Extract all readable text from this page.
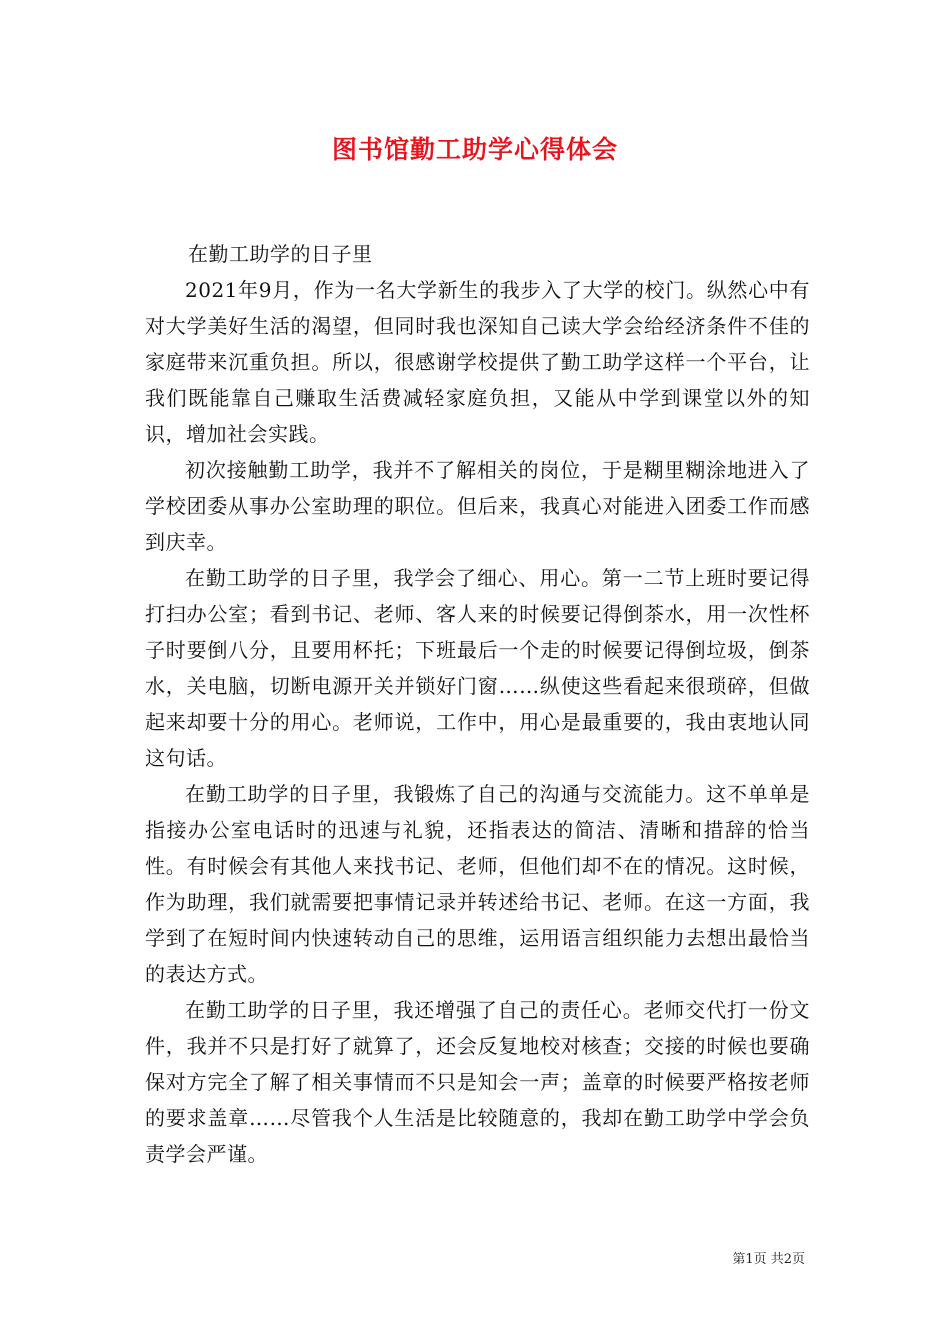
图书馆勤工助学心得体会

在勤工助学的日子里

2021年9月，作为一名大学新生的我步入了大学的校门。纵然心中有对大学美好生活的渴望，但同时我也深知自己读大学会给经济条件不佳的家庭带来沉重负担。所以，很感谢学校提供了勤工助学这样一个平台，让我们既能靠自己赚取生活费减轻家庭负担，又能从中学到课堂以外的知识，增加社会实践。

初次接触勤工助学，我并不了解相关的岗位，于是糊里糊涂地进入了学校团委从事办公室助理的职位。但后来，我真心对能进入团委工作而感到庆幸。

在勤工助学的日子里，我学会了细心、用心。第一二节上班时要记得打扫办公室；看到书记、老师、客人来的时候要记得倒茶水，用一次性杯子时要倒八分，且要用杯托；下班最后一个走的时候要记得倒垃圾，倒茶水，关电脑，切断电源开关并锁好门窗……纵使这些看起来很琐碎，但做起来却要十分的用心。老师说，工作中，用心是最重要的，我由衷地认同这句话。

在勤工助学的日子里，我锻炼了自己的沟通与交流能力。这不单单是指接办公室电话时的迅速与礼貌，还指表达的简洁、清晰和措辞的恰当性。有时候会有其他人来找书记、老师，但他们却不在的情况。这时候，作为助理，我们就需要把事情记录并转述给书记、老师。在这一方面，我学到了在短时间内快速转动自己的思维，运用语言组织能力去想出最恰当的表达方式。

在勤工助学的日子里，我还增强了自己的责任心。老师交代打一份文件，我并不只是打好了就算了，还会反复地校对核查；交接的时候也要确保对方完全了解了相关事情而不只是知会一声；盖章的时候要严格按老师的要求盖章……尽管我个人生活是比较随意的，我却在勤工助学中学会负责学会严谨。

第1页 共2页
